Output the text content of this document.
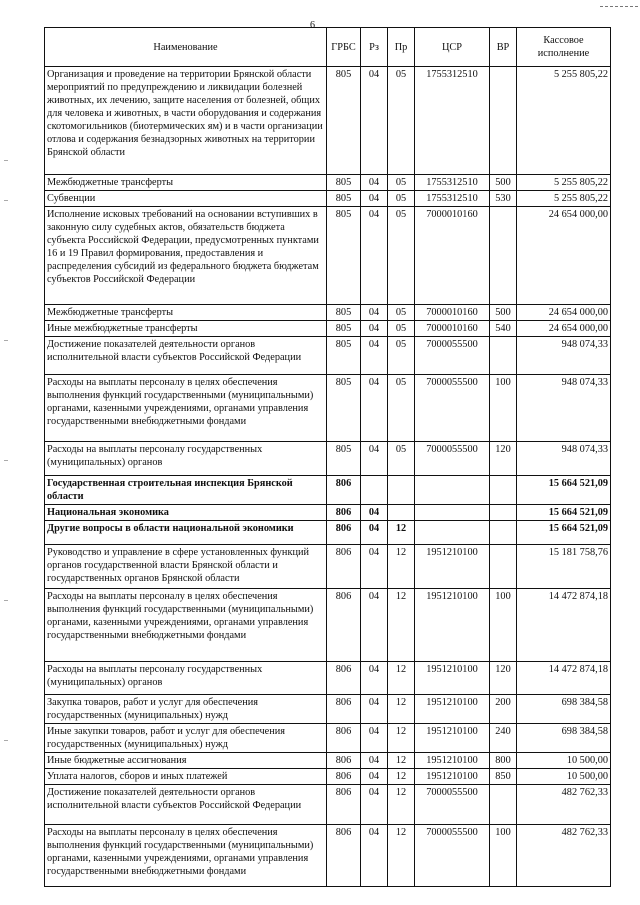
6
Наименование	ГРБС	Рз	Пр	ЦСР	ВР	Кассовое исполнение
Организация и проведение на территории Брянской области мероприятий по предупреждению и ликвидации болезней животных, их лечению, защите населения от болезней, общих для человека и животных, в части оборудования и содержания скотомогильников (биотермических ям) и в части организации отлова и содержания безнадзорных животных на территории Брянской области	805	04	05	1755312510		5 255 805,22
Межбюджетные трансферты	805	04	05	1755312510	500	5 255 805,22
Субвенции	805	04	05	1755312510	530	5 255 805,22
Исполнение исковых требований на основании вступивших в законную силу судебных актов, обязательств бюджета субъекта Российской Федерации, предусмотренных пунктами 16 и 19 Правил формирования, предоставления и распределения субсидий из федерального бюджета бюджетам субъектов Российской Федерации	805	04	05	7000010160		24 654 000,00
Межбюджетные трансферты	805	04	05	7000010160	500	24 654 000,00
Иные межбюджетные трансферты	805	04	05	7000010160	540	24 654 000,00
Достижение показателей деятельности органов исполнительной власти субъектов Российской Федерации	805	04	05	7000055500		948 074,33
Расходы на выплаты персоналу в целях обеспечения выполнения функций государственными (муниципальными) органами, казенными учреждениями, органами управления государственными внебюджетными фондами	805	04	05	7000055500	100	948 074,33
Расходы на выплаты персоналу государственных (муниципальных) органов	805	04	05	7000055500	120	948 074,33
Государственная строительная инспекция Брянской области	806					15 664 521,09
Национальная экономика	806	04				15 664 521,09
Другие вопросы в области национальной экономики	806	04	12			15 664 521,09
Руководство и управление в сфере установленных функций органов государственной власти Брянской области и государственных органов Брянской области	806	04	12	1951210100		15 181 758,76
Расходы на выплаты персоналу в целях обеспечения выполнения функций государственными (муниципальными) органами, казенными учреждениями, органами управления государственными внебюджетными фондами	806	04	12	1951210100	100	14 472 874,18
Расходы на выплаты персоналу государственных (муниципальных) органов	806	04	12	1951210100	120	14 472 874,18
Закупка товаров, работ и услуг для обеспечения государственных (муниципальных) нужд	806	04	12	1951210100	200	698 384,58
Иные закупки товаров, работ и услуг для обеспечения государственных (муниципальных) нужд	806	04	12	1951210100	240	698 384,58
Иные бюджетные ассигнования	806	04	12	1951210100	800	10 500,00
Уплата налогов, сборов и иных платежей	806	04	12	1951210100	850	10 500,00
Достижение показателей деятельности органов исполнительной власти субъектов Российской Федерации	806	04	12	7000055500		482 762,33
Расходы на выплаты персоналу в целях обеспечения выполнения функций государственными (муниципальными) органами, казенными учреждениями, органами управления государственными внебюджетными фондами	806	04	12	7000055500	100	482 762,33
